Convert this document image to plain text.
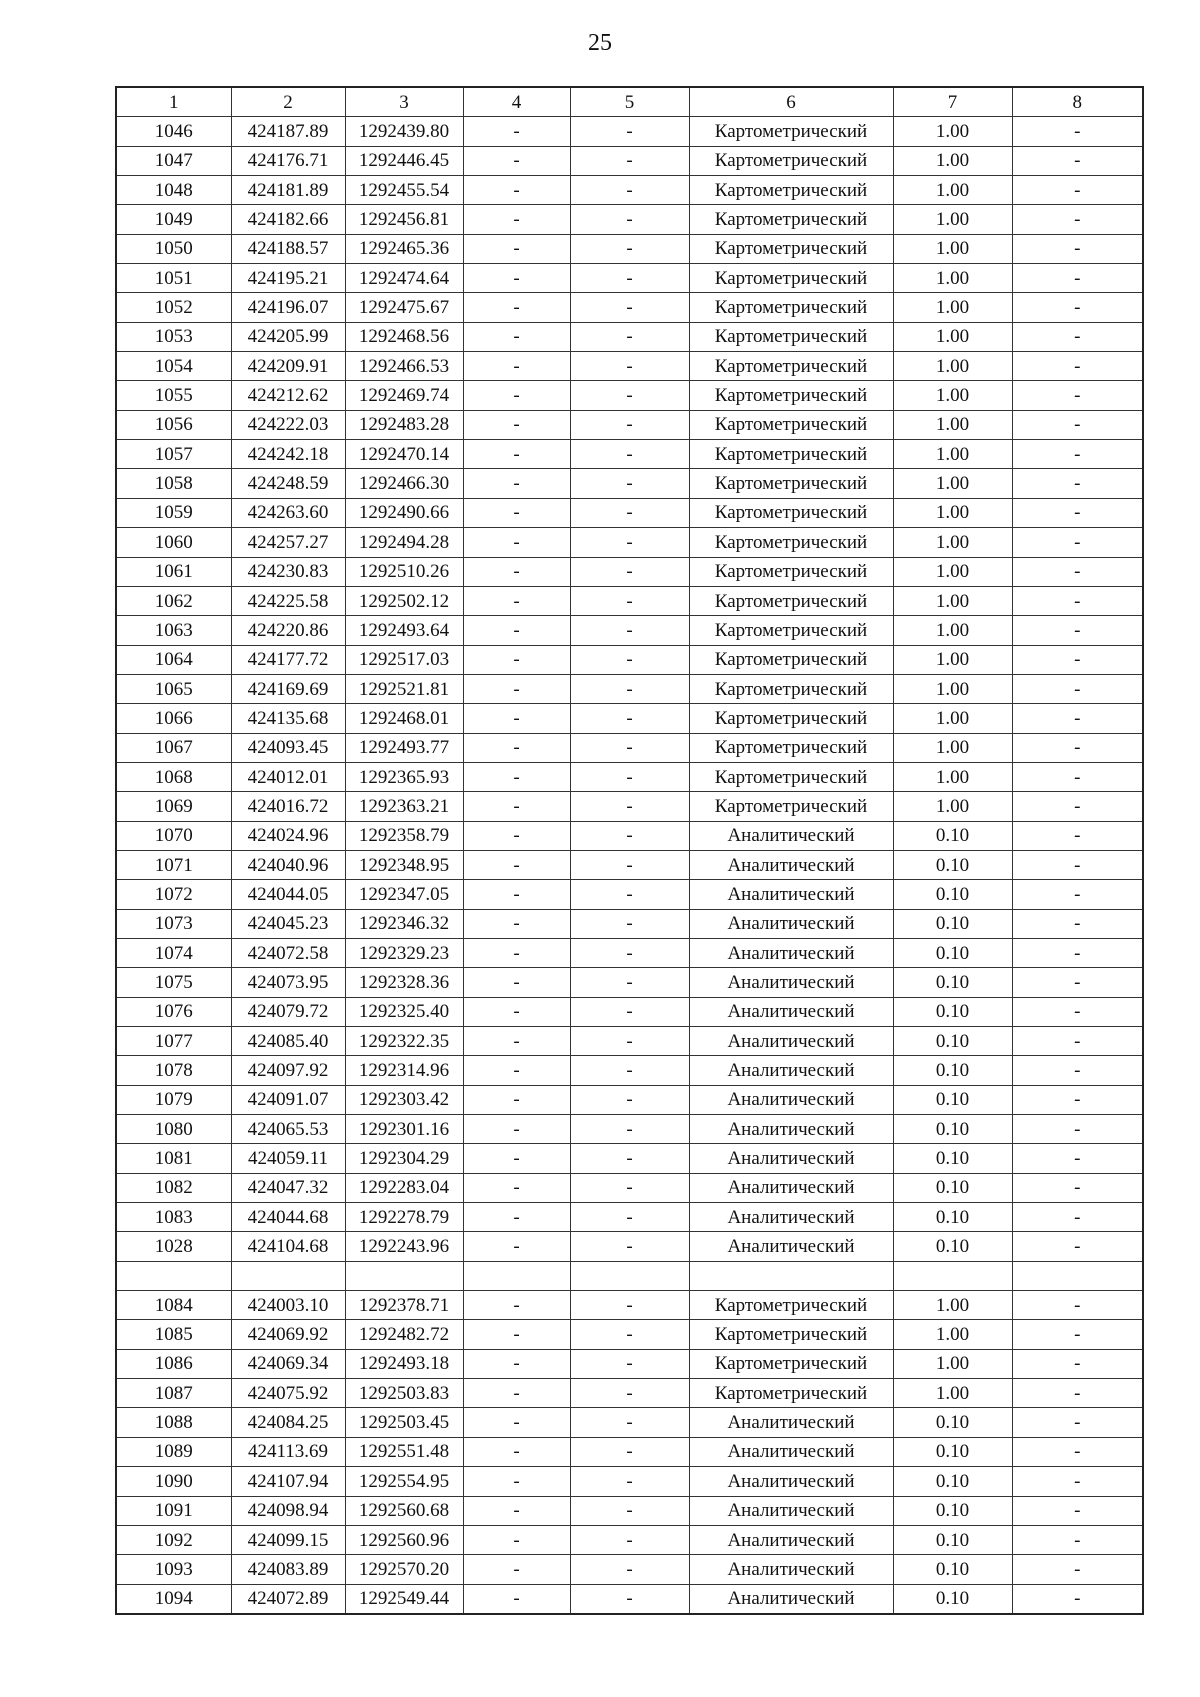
25
1	2	3	4	5	6	7	8
1046	424187.89	1292439.80	-	-	Картометрический	1.00	-
1047	424176.71	1292446.45	-	-	Картометрический	1.00	-
1048	424181.89	1292455.54	-	-	Картометрический	1.00	-
1049	424182.66	1292456.81	-	-	Картометрический	1.00	-
1050	424188.57	1292465.36	-	-	Картометрический	1.00	-
1051	424195.21	1292474.64	-	-	Картометрический	1.00	-
1052	424196.07	1292475.67	-	-	Картометрический	1.00	-
1053	424205.99	1292468.56	-	-	Картометрический	1.00	-
1054	424209.91	1292466.53	-	-	Картометрический	1.00	-
1055	424212.62	1292469.74	-	-	Картометрический	1.00	-
1056	424222.03	1292483.28	-	-	Картометрический	1.00	-
1057	424242.18	1292470.14	-	-	Картометрический	1.00	-
1058	424248.59	1292466.30	-	-	Картометрический	1.00	-
1059	424263.60	1292490.66	-	-	Картометрический	1.00	-
1060	424257.27	1292494.28	-	-	Картометрический	1.00	-
1061	424230.83	1292510.26	-	-	Картометрический	1.00	-
1062	424225.58	1292502.12	-	-	Картометрический	1.00	-
1063	424220.86	1292493.64	-	-	Картометрический	1.00	-
1064	424177.72	1292517.03	-	-	Картометрический	1.00	-
1065	424169.69	1292521.81	-	-	Картометрический	1.00	-
1066	424135.68	1292468.01	-	-	Картометрический	1.00	-
1067	424093.45	1292493.77	-	-	Картометрический	1.00	-
1068	424012.01	1292365.93	-	-	Картометрический	1.00	-
1069	424016.72	1292363.21	-	-	Картометрический	1.00	-
1070	424024.96	1292358.79	-	-	Аналитический	0.10	-
1071	424040.96	1292348.95	-	-	Аналитический	0.10	-
1072	424044.05	1292347.05	-	-	Аналитический	0.10	-
1073	424045.23	1292346.32	-	-	Аналитический	0.10	-
1074	424072.58	1292329.23	-	-	Аналитический	0.10	-
1075	424073.95	1292328.36	-	-	Аналитический	0.10	-
1076	424079.72	1292325.40	-	-	Аналитический	0.10	-
1077	424085.40	1292322.35	-	-	Аналитический	0.10	-
1078	424097.92	1292314.96	-	-	Аналитический	0.10	-
1079	424091.07	1292303.42	-	-	Аналитический	0.10	-
1080	424065.53	1292301.16	-	-	Аналитический	0.10	-
1081	424059.11	1292304.29	-	-	Аналитический	0.10	-
1082	424047.32	1292283.04	-	-	Аналитический	0.10	-
1083	424044.68	1292278.79	-	-	Аналитический	0.10	-
1028	424104.68	1292243.96	-	-	Аналитический	0.10	-

1084	424003.10	1292378.71	-	-	Картометрический	1.00	-
1085	424069.92	1292482.72	-	-	Картометрический	1.00	-
1086	424069.34	1292493.18	-	-	Картометрический	1.00	-
1087	424075.92	1292503.83	-	-	Картометрический	1.00	-
1088	424084.25	1292503.45	-	-	Аналитический	0.10	-
1089	424113.69	1292551.48	-	-	Аналитический	0.10	-
1090	424107.94	1292554.95	-	-	Аналитический	0.10	-
1091	424098.94	1292560.68	-	-	Аналитический	0.10	-
1092	424099.15	1292560.96	-	-	Аналитический	0.10	-
1093	424083.89	1292570.20	-	-	Аналитический	0.10	-
1094	424072.89	1292549.44	-	-	Аналитический	0.10	-
